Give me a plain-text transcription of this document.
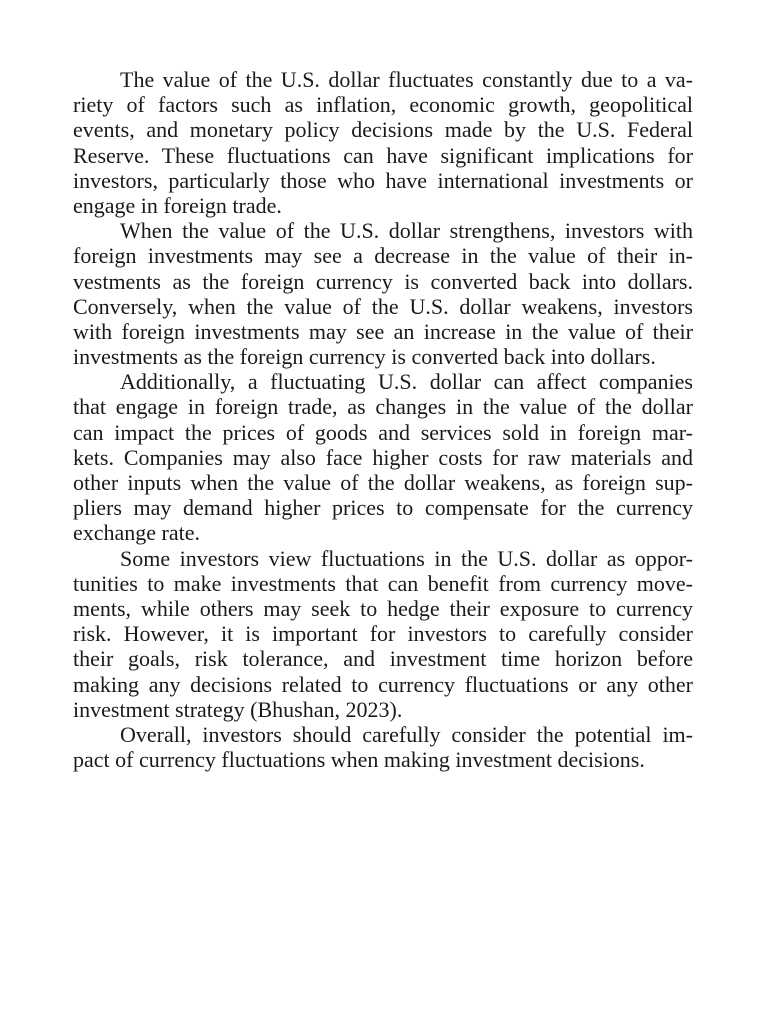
The value of the U.S. dollar fluctuates constantly due to a va-
riety of factors such as inflation, economic growth, geopolitical
events, and monetary policy decisions made by the U.S. Federal
Reserve. These fluctuations can have significant implications for
investors, particularly those who have international investments or
engage in foreign trade.
When the value of the U.S. dollar strengthens, investors with
foreign investments may see a decrease in the value of their in-
vestments as the foreign currency is converted back into dollars.
Conversely, when the value of the U.S. dollar weakens, investors
with foreign investments may see an increase in the value of their
investments as the foreign currency is converted back into dollars.
Additionally, a fluctuating U.S. dollar can affect companies
that engage in foreign trade, as changes in the value of the dollar
can impact the prices of goods and services sold in foreign mar-
kets. Companies may also face higher costs for raw materials and
other inputs when the value of the dollar weakens, as foreign sup-
pliers may demand higher prices to compensate for the currency
exchange rate.
Some investors view fluctuations in the U.S. dollar as oppor-
tunities to make investments that can benefit from currency move-
ments, while others may seek to hedge their exposure to currency
risk. However, it is important for investors to carefully consider
their goals, risk tolerance, and investment time horizon before
making any decisions related to currency fluctuations or any other
investment strategy (Bhushan, 2023).
Overall, investors should carefully consider the potential im-
pact of currency fluctuations when making investment decisions.
